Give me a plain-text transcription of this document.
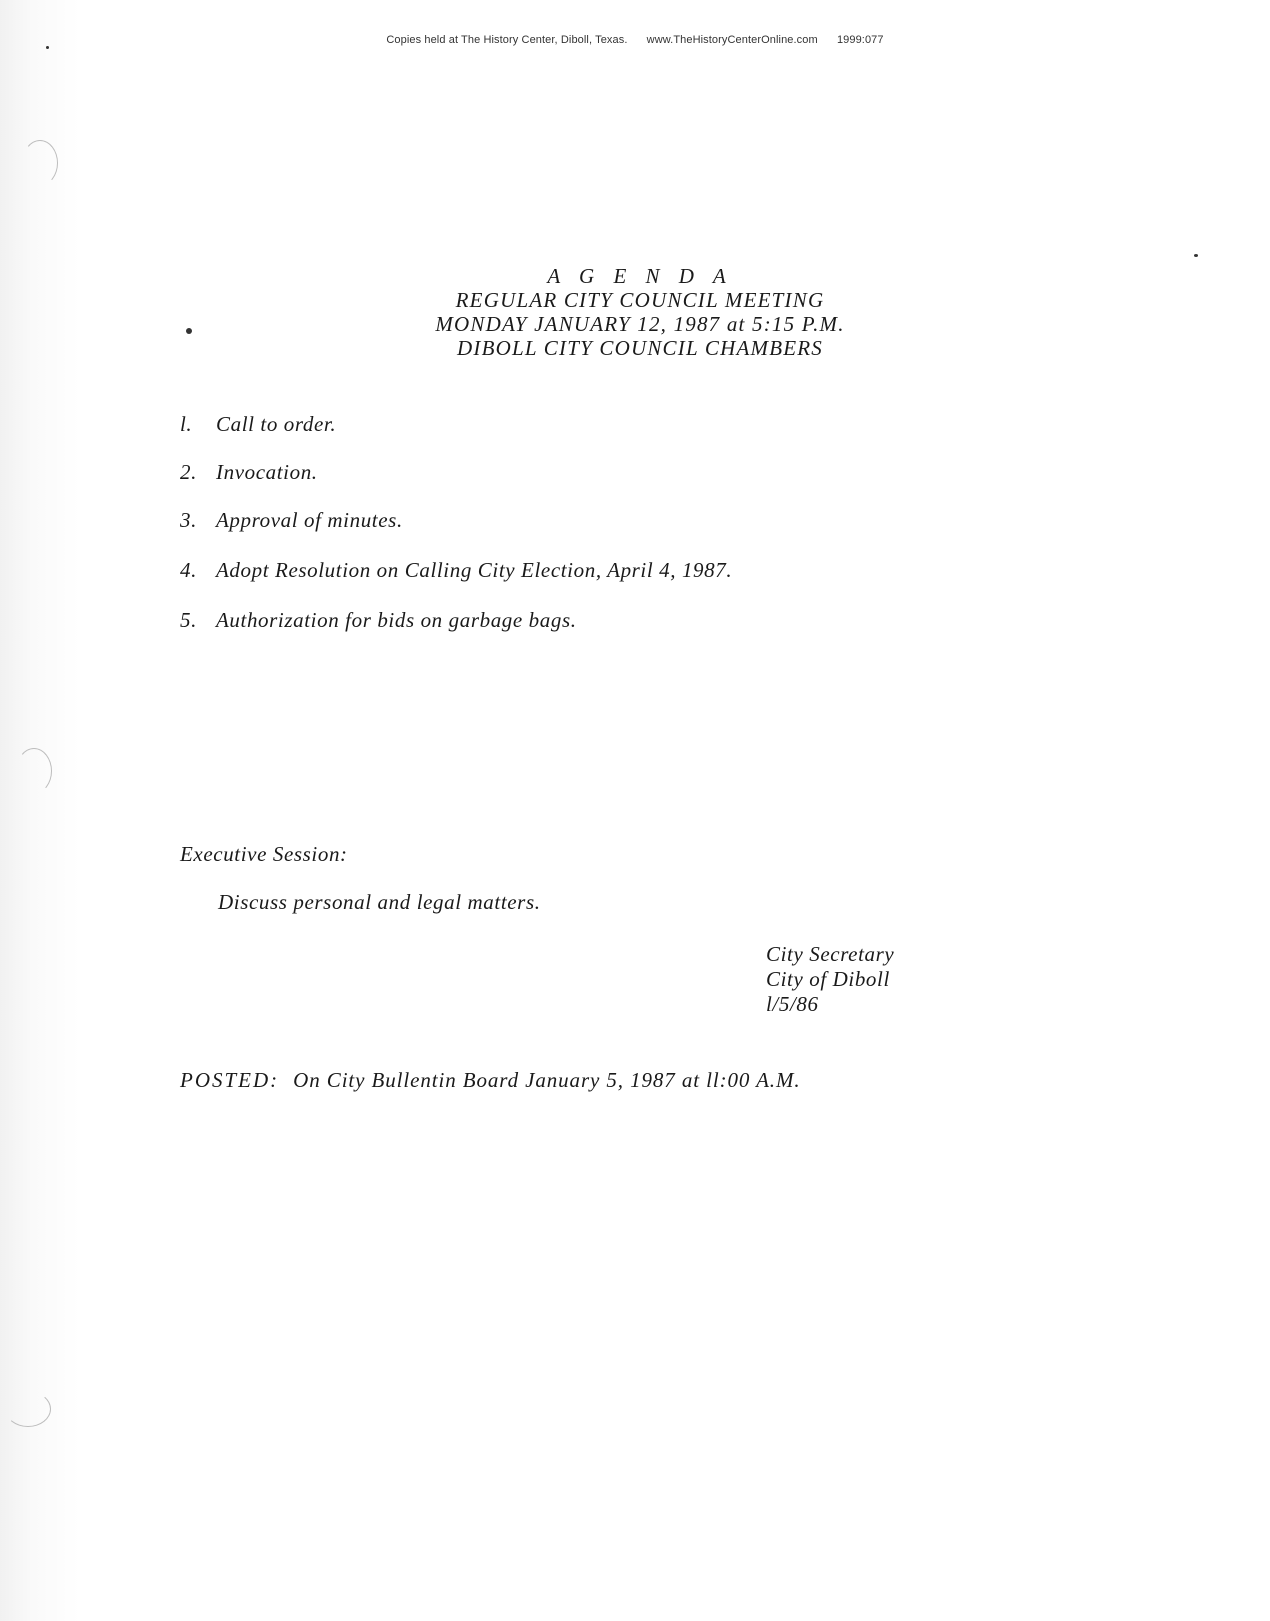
Copies held at The History Center, Diboll, Texas. www.TheHistoryCenterOnline.com 1999:077
A G E N D A
REGULAR CITY COUNCIL MEETING
MONDAY JANUARY 12, 1987 at 5:15 P.M.
DIBOLL CITY COUNCIL CHAMBERS
l. Call to order.
2. Invocation.
3. Approval of minutes.
4. Adopt Resolution on Calling City Election, April 4, 1987.
5. Authorization for bids on garbage bags.
Executive Session:
Discuss personal and legal matters.
City Secretary
City of Diboll
l/5/86
POSTED: On City Bullentin Board January 5, 1987 at ll:00 A.M.
